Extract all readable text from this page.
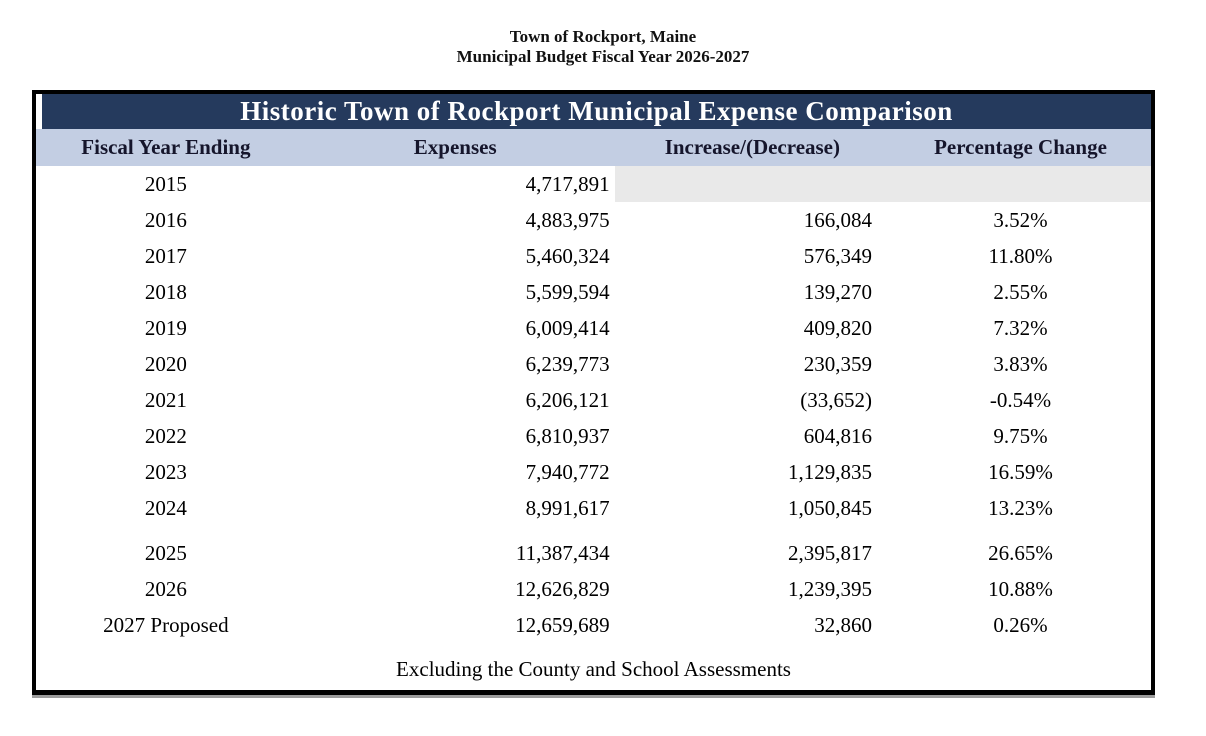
Town of Rockport, Maine
Municipal Budget Fiscal Year 2026-2027
Historic Town of Rockport Municipal Expense Comparison
Fiscal Year Ending	Expenses	Increase/(Decrease)	Percentage Change
2015	4,717,891
2016	4,883,975	166,084	3.52%
2017	5,460,324	576,349	11.80%
2018	5,599,594	139,270	2.55%
2019	6,009,414	409,820	7.32%
2020	6,239,773	230,359	3.83%
2021	6,206,121	(33,652)	-0.54%
2022	6,810,937	604,816	9.75%
2023	7,940,772	1,129,835	16.59%
2024	8,991,617	1,050,845	13.23%
2025	11,387,434	2,395,817	26.65%
2026	12,626,829	1,239,395	10.88%
2027 Proposed	12,659,689	32,860	0.26%
Excluding the County and School Assessments
